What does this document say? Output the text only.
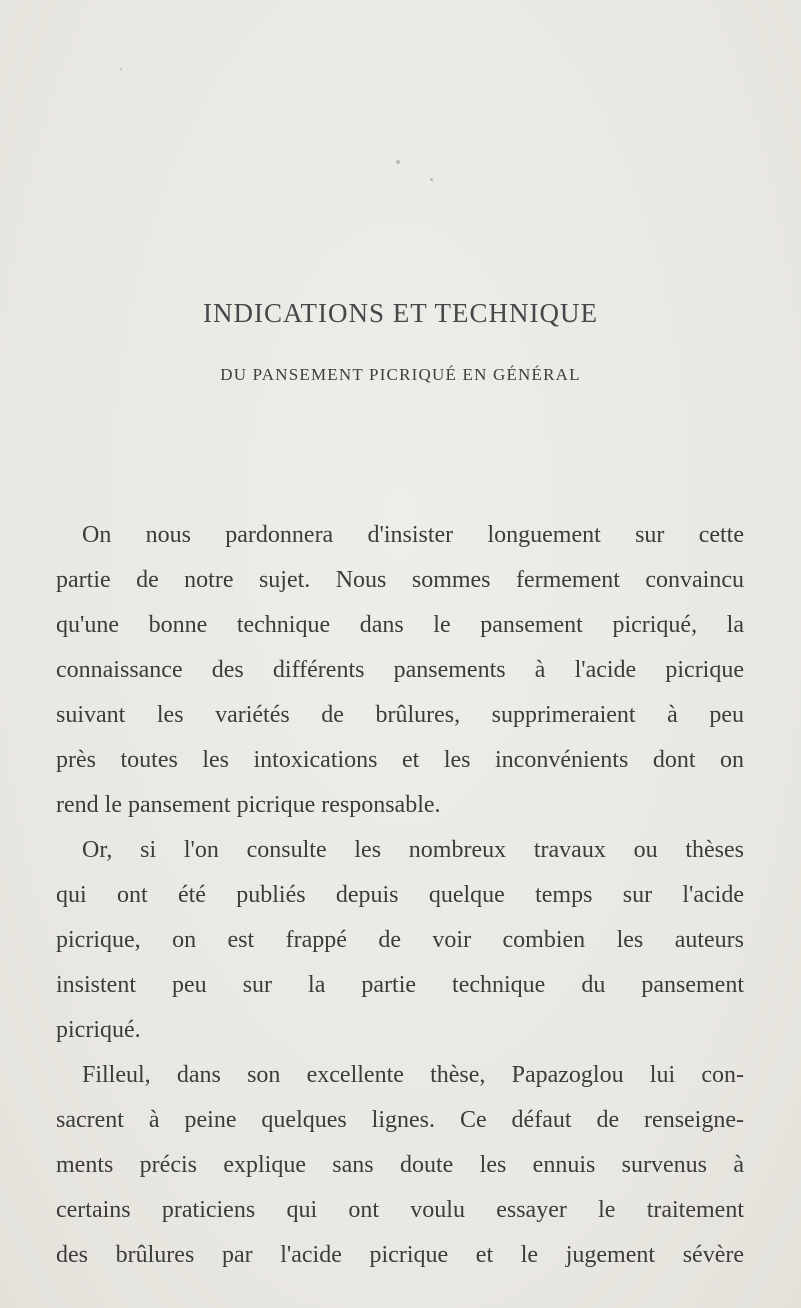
INDICATIONS ET TECHNIQUE
DU PANSEMENT PICRIQUÉ EN GÉNÉRAL
On nous pardonnera d'insister longuement sur cette
partie de notre sujet. Nous sommes fermement convaincu
qu'une bonne technique dans le pansement picriqué, la
connaissance des différents pansements à l'acide picrique
suivant les variétés de brûlures, supprimeraient à peu
près toutes les intoxications et les inconvénients dont on
rend le pansement picrique responsable.
Or, si l'on consulte les nombreux travaux ou thèses
qui ont été publiés depuis quelque temps sur l'acide
picrique, on est frappé de voir combien les auteurs
insistent peu sur la partie technique du pansement
picriqué.
Filleul, dans son excellente thèse, Papazoglou lui con-
sacrent à peine quelques lignes. Ce défaut de renseigne-
ments précis explique sans doute les ennuis survenus à
certains praticiens qui ont voulu essayer le traitement
des brûlures par l'acide picrique et le jugement sévère
